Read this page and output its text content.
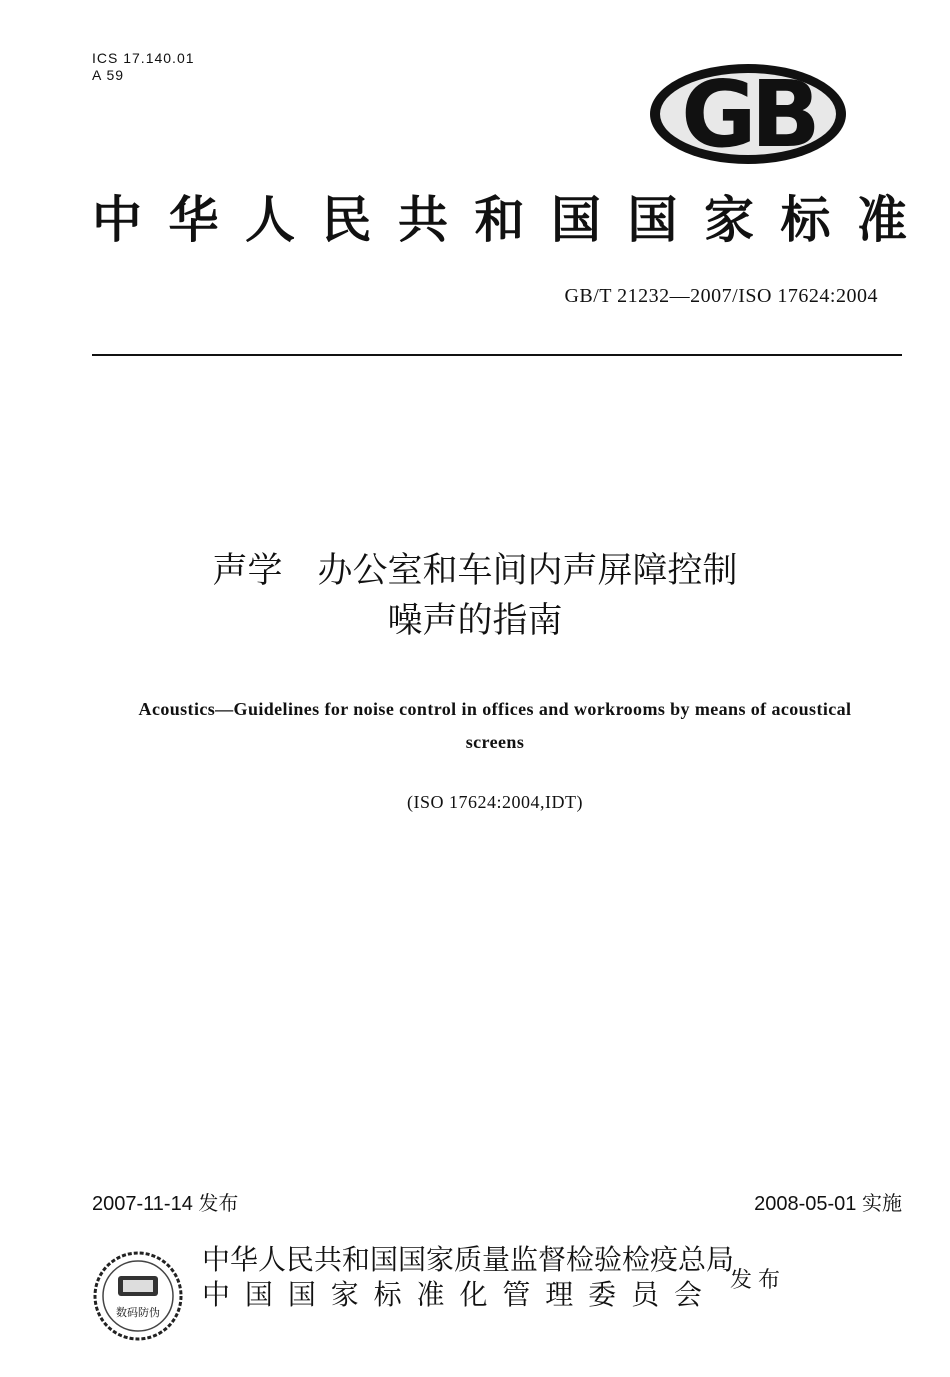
ICS 17.140.01
A 59	GB
中 华 人 民 共 和 国 国 家 标 准
GB/T 21232—2007/ISO 17624:2004
声学　办公室和车间内声屏障控制
噪声的指南
Acoustics—Guidelines for noise control in offices and workrooms by means of acoustical screens
(ISO 17624:2004,IDT)
2007-11-14 发布	2008-05-01 实施
数码防伪
中华人民共和国国家质量监督检验检疫总局
中 国 国 家 标 准 化 管 理 委 员 会 发布
